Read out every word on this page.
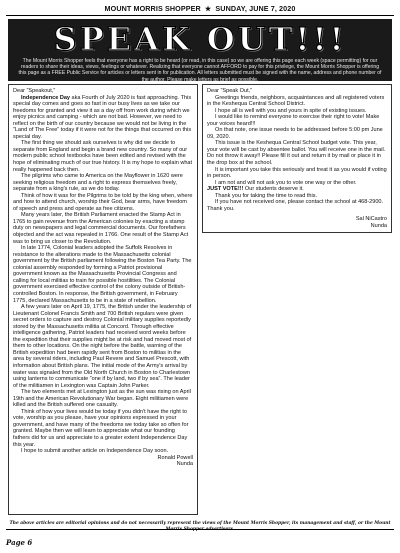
MOUNT MORRIS SHOPPER ★ SUNDAY, JUNE 7, 2020
SPEAK OUT!!!
The Mount Morris Shopper feels that everyone has a right to be heard (or read, in this case) so we are offering this page each week (space permitting) for our readers to share their ideas, views, feelings or whatever. Realizing that everyone cannot AFFORD to pay for this privilege, the Mount Morris Shopper is offering this page as a FREE Public Service for articles or letters sent in for publication. All letters submitted must be signed with the name, address and phone number of the author. Please make letters as brief as possible.

Dear “Speakout,”

Independence Day aka Fourth of July 2020 is fast approaching. This special day comes and goes so fast in our busy lives as we take our freedoms for granted and view it as a day off from work during which we enjoy picnics and camping - which are not bad. However, we need to reflect on the birth of our country because we would not be living in the “Land of The Free” today if it were not for the things that occurred on this special day.

The first thing we should ask ourselves is why did we decide to separate from England and begin a brand new country. So many of our modern public school textbooks have been edited and revised with the hope of eliminating much of our true history. It is my hope to explain what really happened back then.

The pilgrims who came to America on the Mayflower in 1620 were seeking religious freedom and a right to express themselves freely, separate from a king's rule, as we do today.

Think of how it was for the Pilgrims to be told by the king when, where and how to attend church, worship their God, bear arms, have freedom of speech and press and operate as free citizens.

Many years later, the British Parliament enacted the Stamp Act in 1765 to gain revenue from the American colonies by exacting a stamp duty on newspapers and legal commercial documents. Our forefathers objected and the act was repealed in 1766. One result of the Stamp Act was to bring us closer to the Revolution.

In late 1774, Colonial leaders adopted the Suffolk Resolves in resistance to the alterations made to the Massachusetts colonial government by the British parliament following the Boston Tea Party. The colonial assembly responded by forming a Patriot provisional government known as the Massachusetts Provincial Congress and calling for local militias to train for possible hostilities. The Colonial government exercised effective control of the colony outside of British-controlled Boston. In response, the British government, in February 1775, declared Massachusetts to be in a state of rebellion.

A few years later on April 19, 1775, the British under the leadership of Lieutenant Colonel Francis Smith and 700 British regulars were given secret orders to capture and destroy Colonial military supplies reportedly stored by the Massachusetts militia at Concord. Through effective intelligence gathering, Patriot leaders had received word weeks before the expedition that their supplies might be at risk and had moved most of them to other locations. On the night before the battle, warning of the British expedition had been rapidly sent from Boston to militias in the area by several riders, including Paul Revere and Samuel Prescott, with information about British plans. The initial mode of the Army's arrival by water was signaled from the Old North Church in Boston to Charlestown using lanterns to communicate “one if by land, two if by sea”. The leader of the militiamen in Lexington was Captain John Parker.

The two elements met at Lexington just as the sun was rising on April 19th and the American Revolutionary War began. Eight militiamen were killed and the British suffered one casualty.

Think of how your lives would be today if you didn't have the right to vote, worship as you please, have your opinions expressed in your government, and have many of the freedoms we today take so often for granted. Maybe then we will learn to appreciate what our founding fathers did for us and appreciate to a greater extent Independence Day this year.

I hope to submit another article on Independence Day soon.

Ronald Powell

Nunda

Dear “Speak Out,”

Greetings friends, neighbors, acquaintances and all registered voters in the Keshequa Central School District.

I hope all is well with you and yours in spite of existing issues.

I would like to remind everyone to exercise their right to vote! Make your voices heard!!!

On that note, one issue needs to be addressed before 5:00 pm June 09, 2020.

This issue is the Keshequa Central School budget vote. This year, your vote will be cast by absentee ballot. You will receive one in the mail. Do not throw it away!! Please fill it out and return it by mail or place it in the drop box at the school.

It is important you take this seriously and treat it as you would if voting in person.

I am not and will not ask you to vote one way or the other.

JUST VOTE!!! Our students deserve it.

Thank you for taking the time to read this.

If you have not received one, please contact the school at 468-2900. Thank you.

Sal NiCastro

Nunda

The above articles are editorial opinions and do not necessarily represent the views of the Mount Morris Shopper, its management and staff, or the Mount
Page 6
